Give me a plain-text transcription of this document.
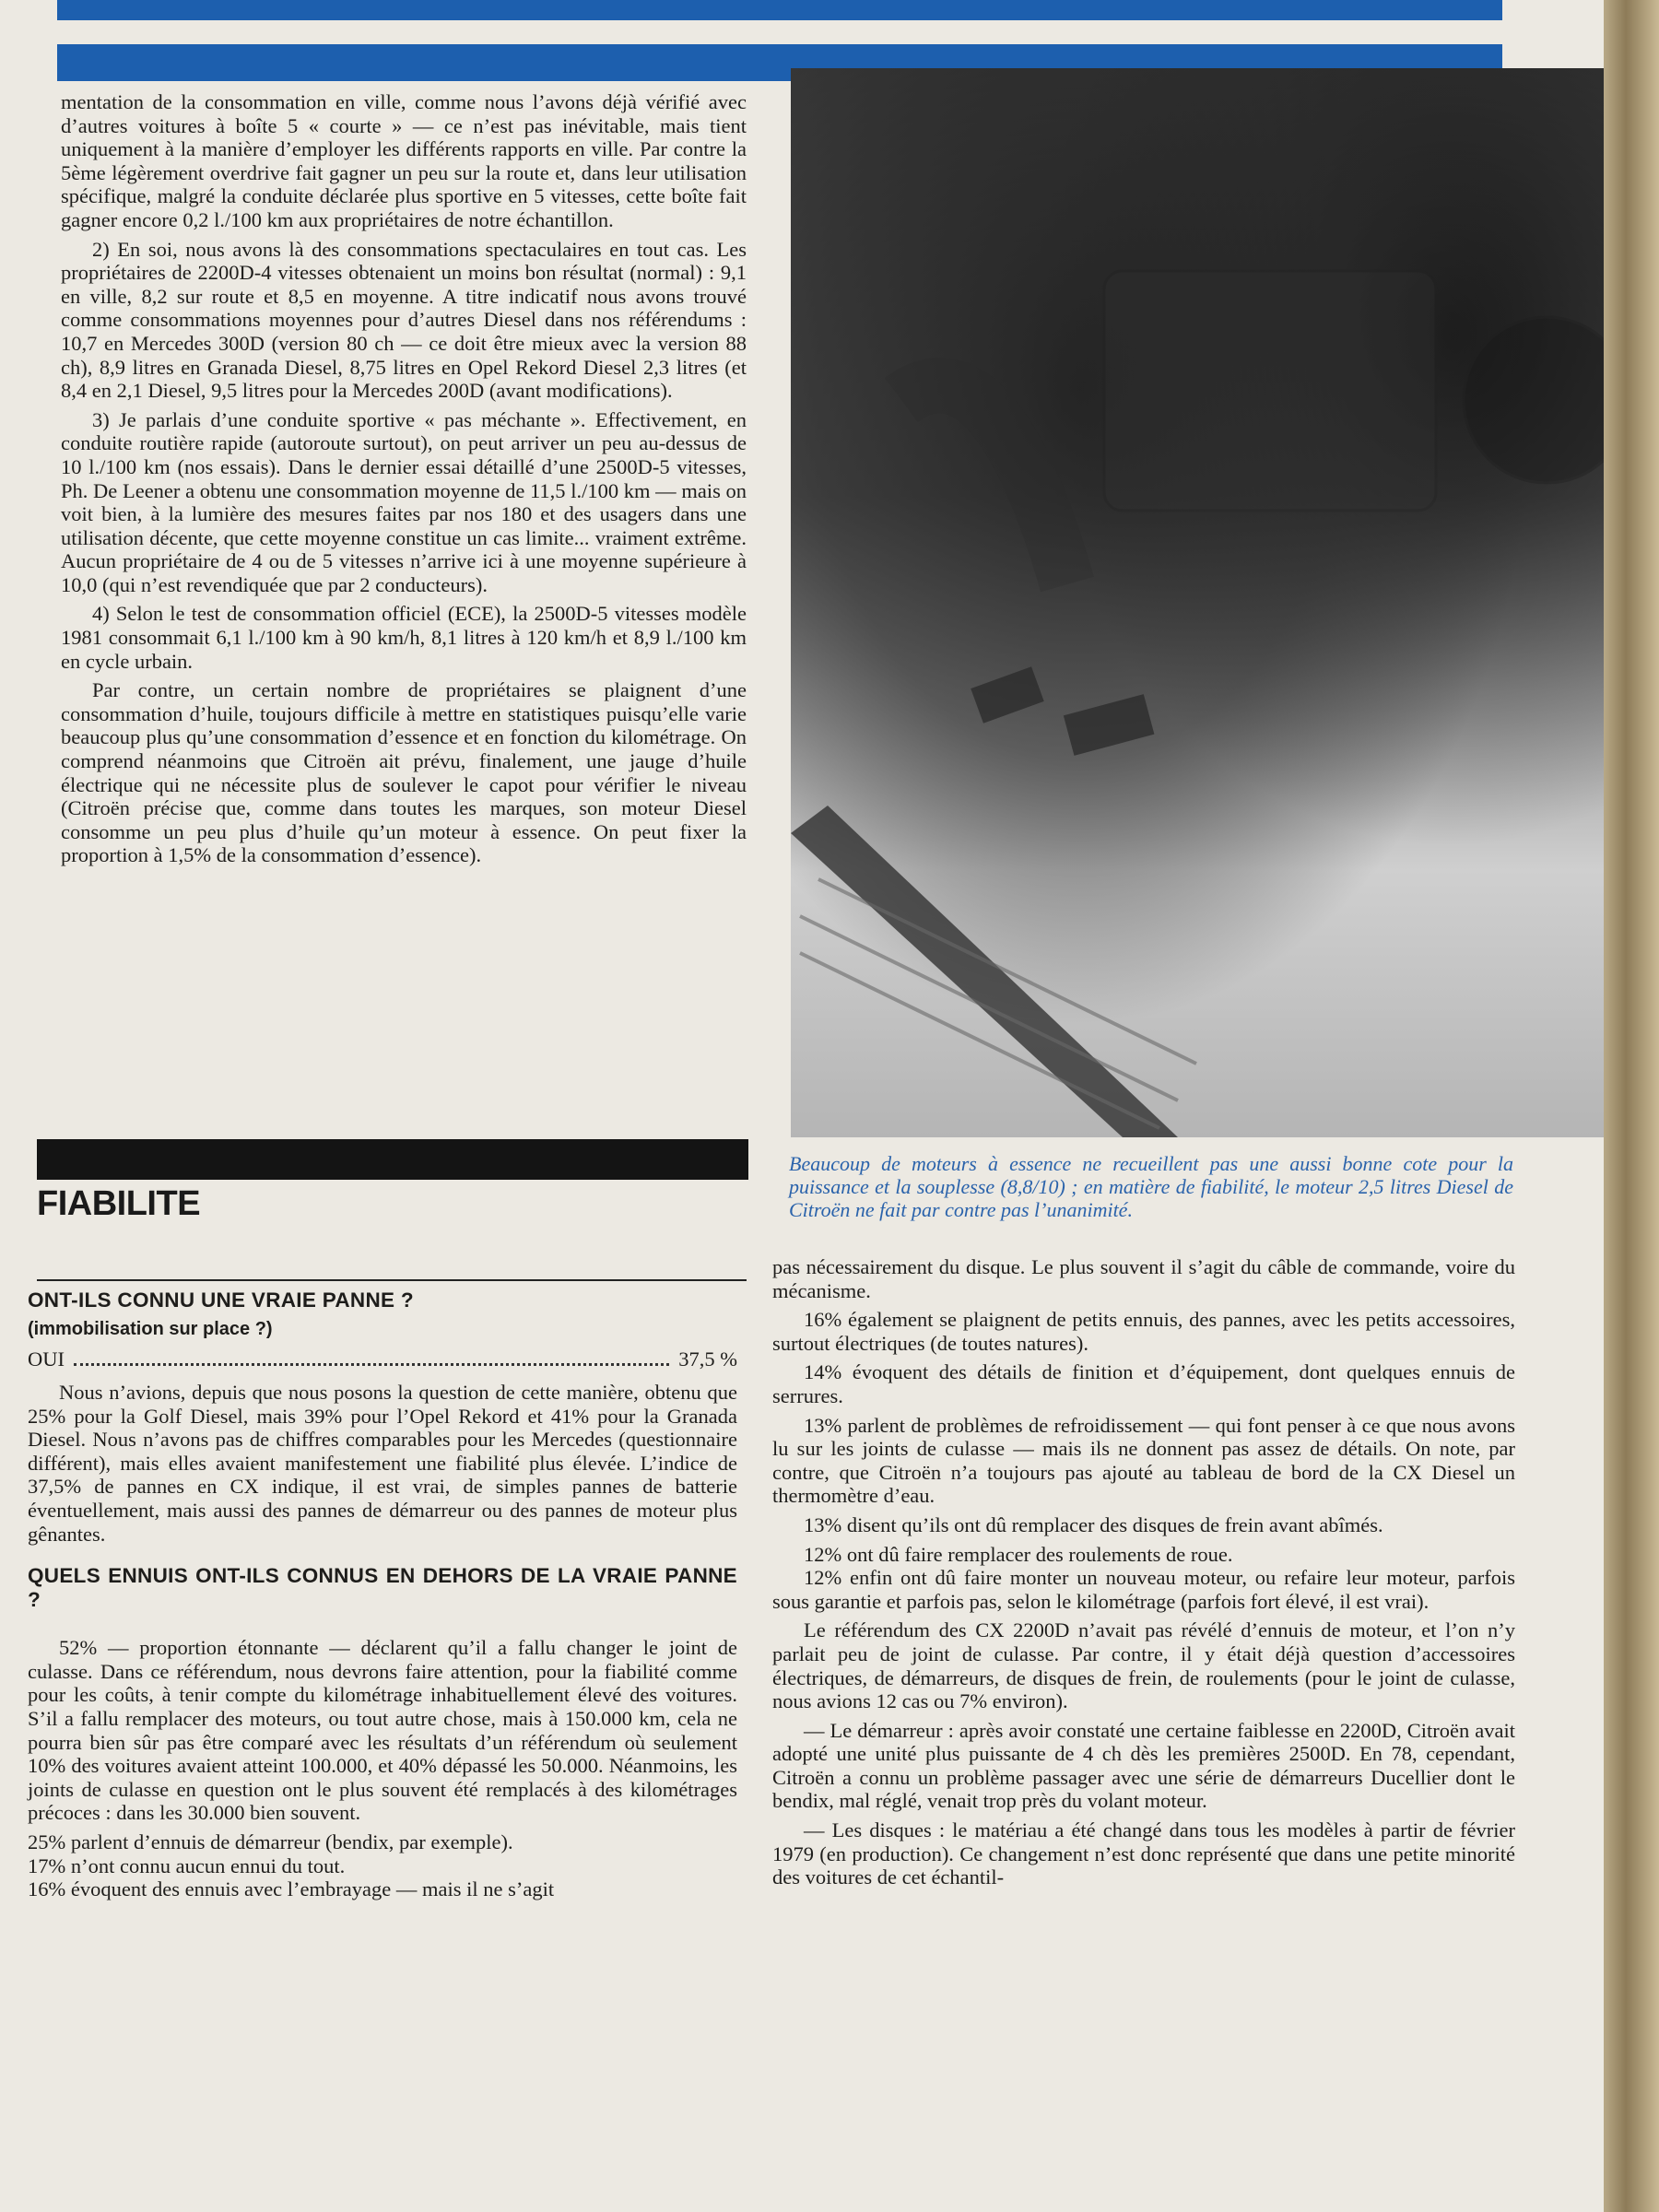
mentation de la consommation en ville, comme nous l’avons déjà vérifié avec d’autres voitures à boîte 5 « courte » — ce n’est pas inévitable, mais tient uniquement à la manière d’employer les différents rapports en ville. Par contre la 5ème légèrement overdrive fait gagner un peu sur la route et, dans leur utilisation spécifique, malgré la conduite déclarée plus sportive en 5 vitesses, cette boîte fait gagner encore 0,2 l./100 km aux propriétaires de notre échantillon.

2) En soi, nous avons là des consommations spectaculaires en tout cas. Les propriétaires de 2200D-4 vitesses obtenaient un moins bon résultat (normal) : 9,1 en ville, 8,2 sur route et 8,5 en moyenne. A titre indicatif nous avons trouvé comme consommations moyennes pour d’autres Diesel dans nos référendums : 10,7 en Mercedes 300D (version 80 ch — ce doit être mieux avec la version 88 ch), 8,9 litres en Granada Diesel, 8,75 litres en Opel Rekord Diesel 2,3 litres (et 8,4 en 2,1 Diesel, 9,5 litres pour la Mercedes 200D (avant modifications).

3) Je parlais d’une conduite sportive « pas méchante ». Effectivement, en conduite routière rapide (autoroute surtout), on peut arriver un peu au-dessus de 10 l./100 km (nos essais). Dans le dernier essai détaillé d’une 2500D-5 vitesses, Ph. De Leener a obtenu une consommation moyenne de 11,5 l./100 km — mais on voit bien, à la lumière des mesures faites par nos 180 et des usagers dans une utilisation décente, que cette moyenne constitue un cas limite... vraiment extrême. Aucun propriétaire de 4 ou de 5 vitesses n’arrive ici à une moyenne supérieure à 10,0 (qui n’est revendiquée que par 2 conducteurs).

4) Selon le test de consommation officiel (ECE), la 2500D-5 vitesses modèle 1981 consommait 6,1 l./100 km à 90 km/h, 8,1 litres à 120 km/h et 8,9 l./100 km en cycle urbain.

Par contre, un certain nombre de propriétaires se plaignent d’une consommation d’huile, toujours difficile à mettre en statistiques puisqu’elle varie beaucoup plus qu’une consommation d’essence et en fonction du kilométrage. On comprend néanmoins que Citroën ait prévu, finalement, une jauge d’huile électrique qui ne nécessite plus de soulever le capot pour vérifier le niveau (Citroën précise que, comme dans toutes les marques, son moteur Diesel consomme un peu plus d’huile qu’un moteur à essence. On peut fixer la proportion à 1,5% de la consommation d’essence).

FIABILITE

ONT-ILS CONNU UNE VRAIE PANNE ?

(immobilisation sur place ?)

OUI	37,5 %

Nous n’avions, depuis que nous posons la question de cette manière, obtenu que 25% pour la Golf Diesel, mais 39% pour l’Opel Rekord et 41% pour la Granada Diesel. Nous n’avons pas de chiffres comparables pour les Mercedes (questionnaire différent), mais elles avaient manifestement une fiabilité plus élevée. L’indice de 37,5% de pannes en CX indique, il est vrai, de simples pannes de batterie éventuellement, mais aussi des pannes de démarreur ou des pannes de moteur plus gênantes.

QUELS ENNUIS ONT-ILS CONNUS EN DEHORS DE LA VRAIE PANNE ?

52% — proportion étonnante — déclarent qu’il a fallu changer le joint de culasse. Dans ce référendum, nous devrons faire attention, pour la fiabilité comme pour les coûts, à tenir compte du kilométrage inhabituellement élevé des voitures. S’il a fallu remplacer des moteurs, ou tout autre chose, mais à 150.000 km, cela ne pourra bien sûr pas être comparé avec les résultats d’un référendum où seulement 10% des voitures avaient atteint 100.000, et 40% dépassé les 50.000. Néanmoins, les joints de culasse en question ont le plus souvent été remplacés à des kilométrages précoces : dans les 30.000 bien souvent.

25% parlent d’ennuis de démarreur (bendix, par exemple).

17% n’ont connu aucun ennui du tout.

16% évoquent des ennuis avec l’embrayage — mais il ne s’agit

Beaucoup de moteurs à essence ne recueillent pas une aussi bonne cote pour la puissance et la souplesse (8,8/10) ; en matière de fiabilité, le moteur 2,5 litres Diesel de Citroën ne fait par contre pas l’unanimité.

pas nécessairement du disque. Le plus souvent il s’agit du câble de commande, voire du mécanisme.

16% également se plaignent de petits ennuis, des pannes, avec les petits accessoires, surtout électriques (de toutes natures).

14% évoquent des détails de finition et d’équipement, dont quelques ennuis de serrures.

13% parlent de problèmes de refroidissement — qui font penser à ce que nous avons lu sur les joints de culasse — mais ils ne donnent pas assez de détails. On note, par contre, que Citroën n’a toujours pas ajouté au tableau de bord de la CX Diesel un thermomètre d’eau.

13% disent qu’ils ont dû remplacer des disques de frein avant abîmés.

12% ont dû faire remplacer des roulements de roue.

12% enfin ont dû faire monter un nouveau moteur, ou refaire leur moteur, parfois sous garantie et parfois pas, selon le kilométrage (parfois fort élevé, il est vrai).

Le référendum des CX 2200D n’avait pas révélé d’ennuis de moteur, et l’on n’y parlait peu de joint de culasse. Par contre, il y était déjà question d’accessoires électriques, de démarreurs, de disques de frein, de roulements (pour le joint de culasse, nous avions 12 cas ou 7% environ).

— Le démarreur : après avoir constaté une certaine faiblesse en 2200D, Citroën avait adopté une unité plus puissante de 4 ch dès les premières 2500D. En 78, cependant, Citroën a connu un problème passager avec une série de démarreurs Ducellier dont le bendix, mal réglé, venait trop près du volant moteur.

— Les disques : le matériau a été changé dans tous les modèles à partir de février 1979 (en production). Ce changement n’est donc représenté que dans une petite minorité des voitures de cet échantil-
